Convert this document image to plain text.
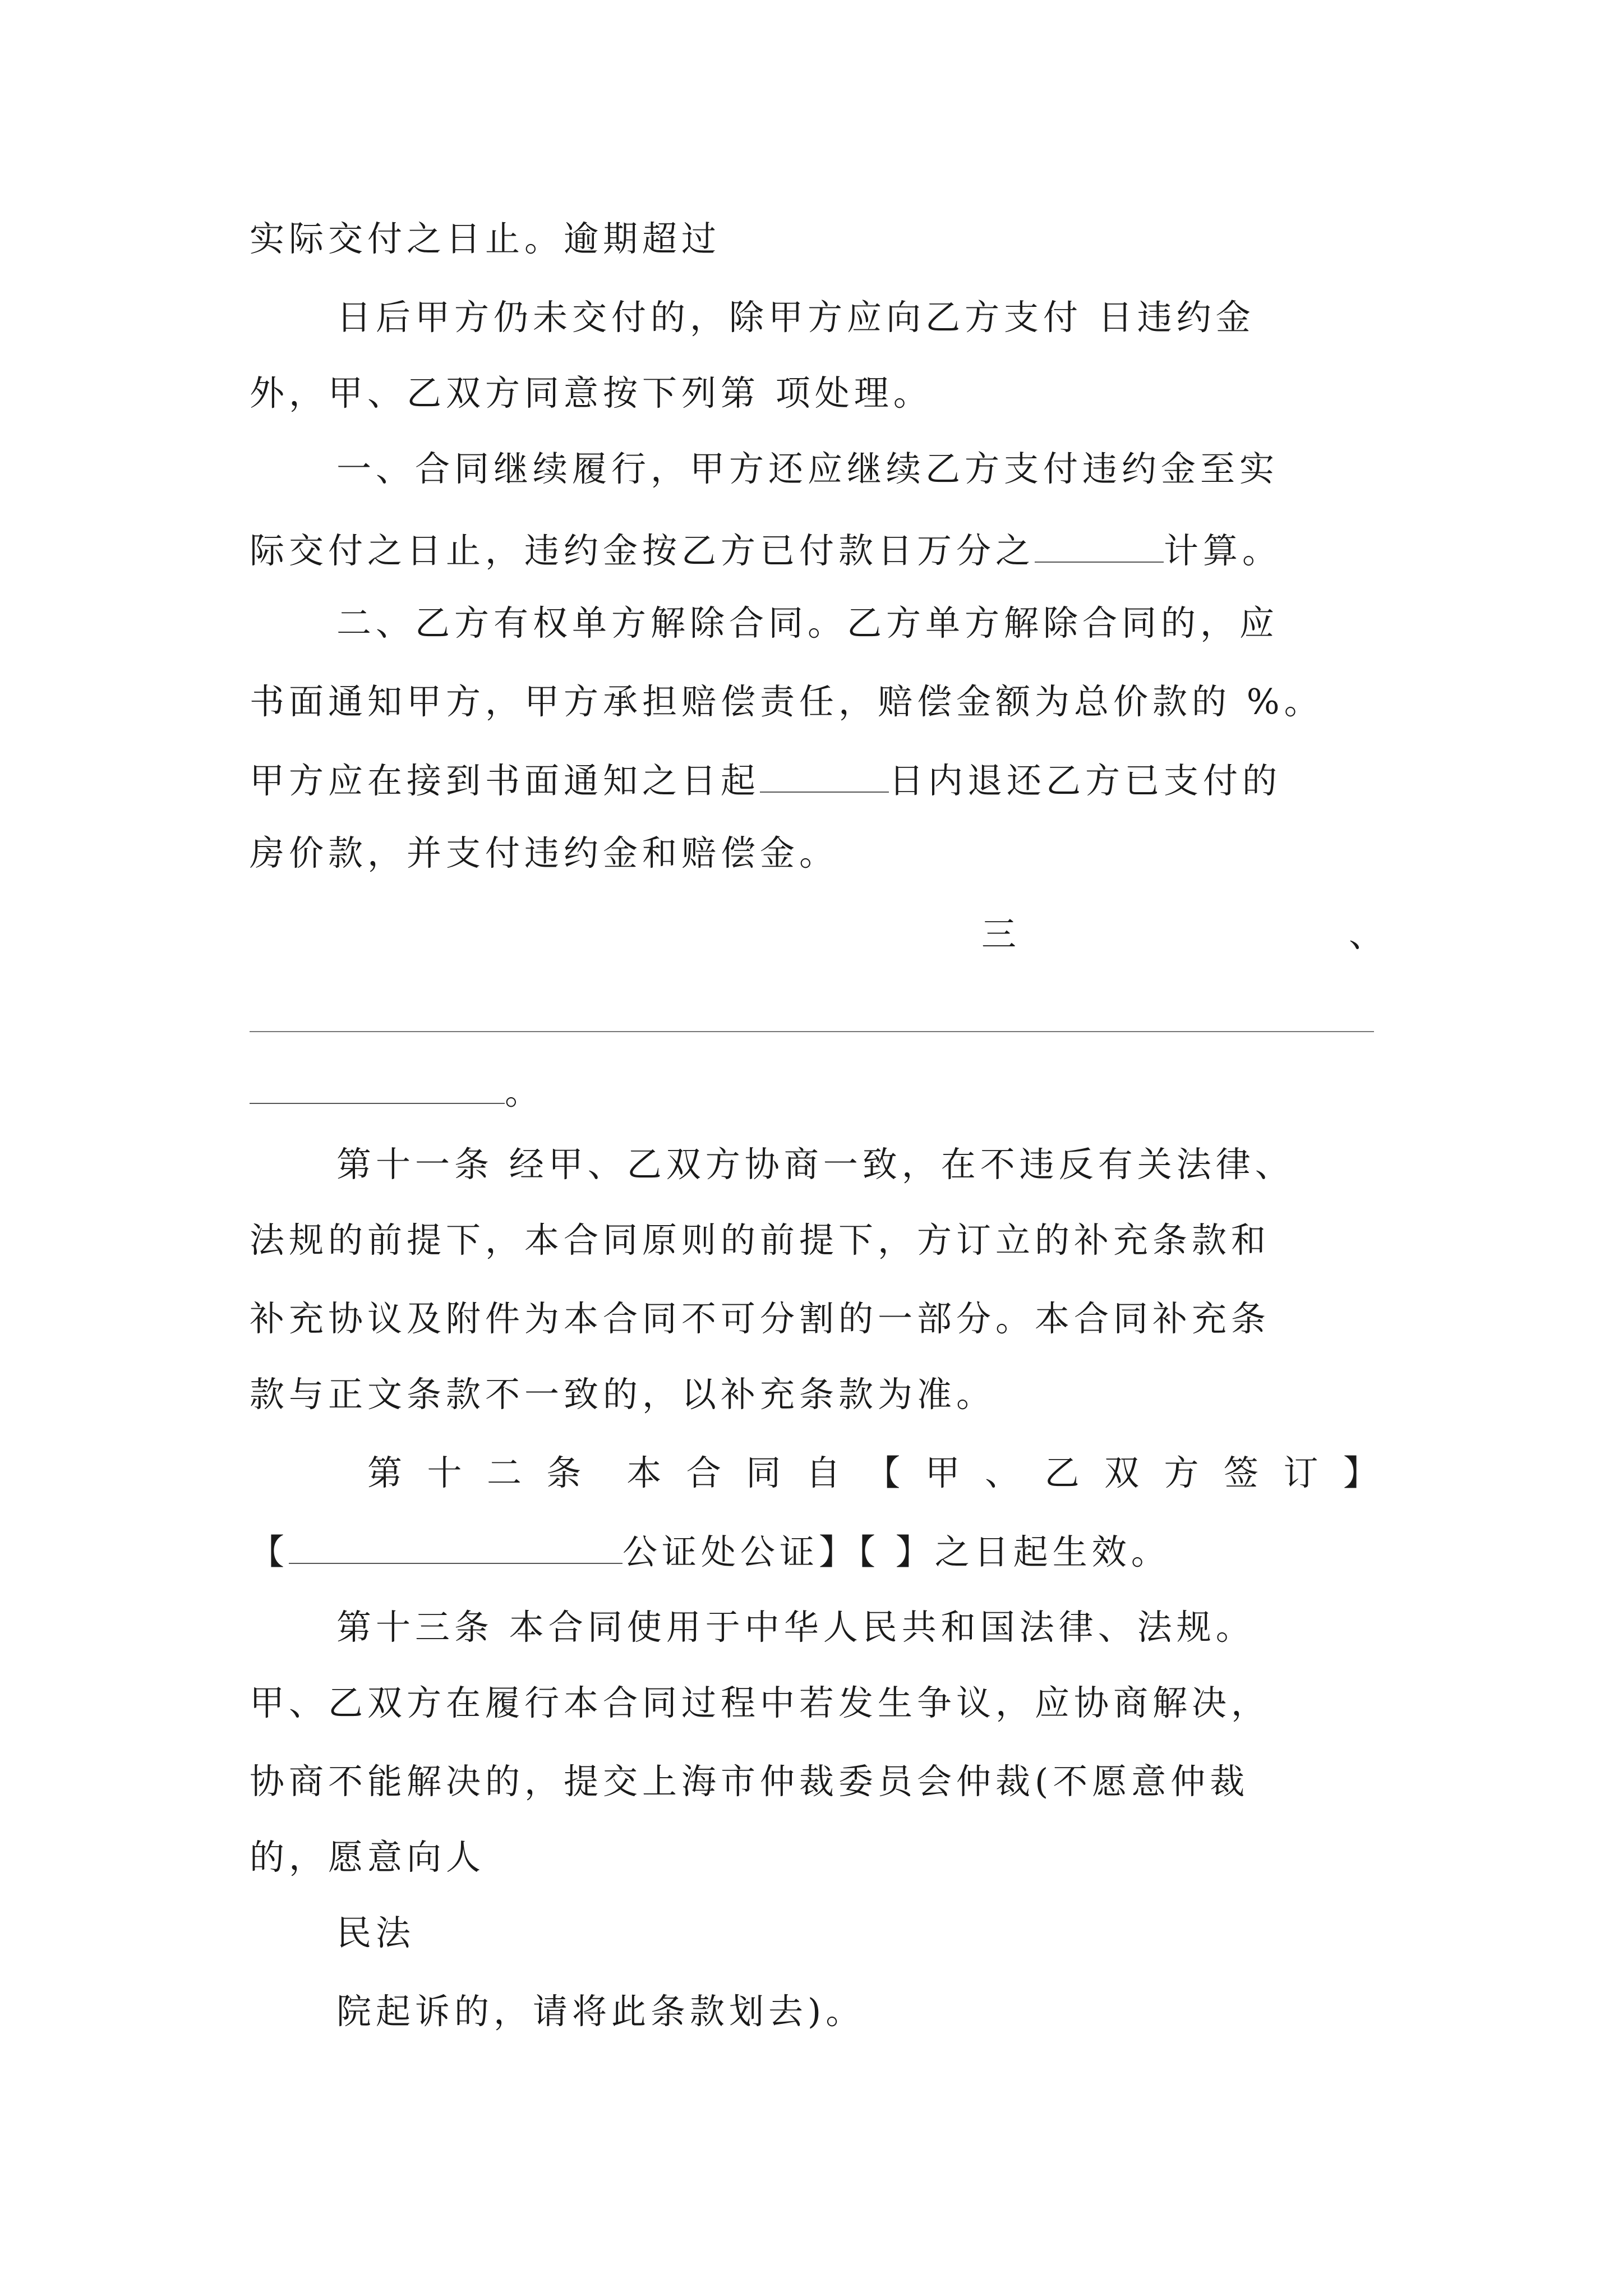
实际交付之日止。逾期超过
日后甲方仍未交付的，除甲方应向乙方支付 日违约金
外，甲、乙双方同意按下列第 项处理。
一、合同继续履行，甲方还应继续乙方支付违约金至实
际交付之日止，违约金按乙方已付款日万分之	计算。
二、乙方有权单方解除合同。乙方单方解除合同的，应
书面通知甲方，甲方承担赔偿责任，赔偿金额为总价款的 %。
甲方应在接到书面通知之日起	日内退还乙方已支付的
房价款，并支付违约金和赔偿金。
三	、
。
第十一条 经甲、乙双方协商一致，在不违反有关法律、
法规的前提下，本合同原则的前提下，方订立的补充条款和
补充协议及附件为本合同不可分割的一部分。本合同补充条
款与正文条款不一致的，以补充条款为准。
第 十 二 条 本 合 同 自 【 甲 、 乙 双 方 签 订 】
【	公证处公证】【 】之日起生效。
第十三条 本合同使用于中华人民共和国法律、法规。
甲、乙双方在履行本合同过程中若发生争议，应协商解决，
协商不能解决的，提交上海市仲裁委员会仲裁(不愿意仲裁
的，愿意向人
民法
院起诉的，请将此条款划去)。
